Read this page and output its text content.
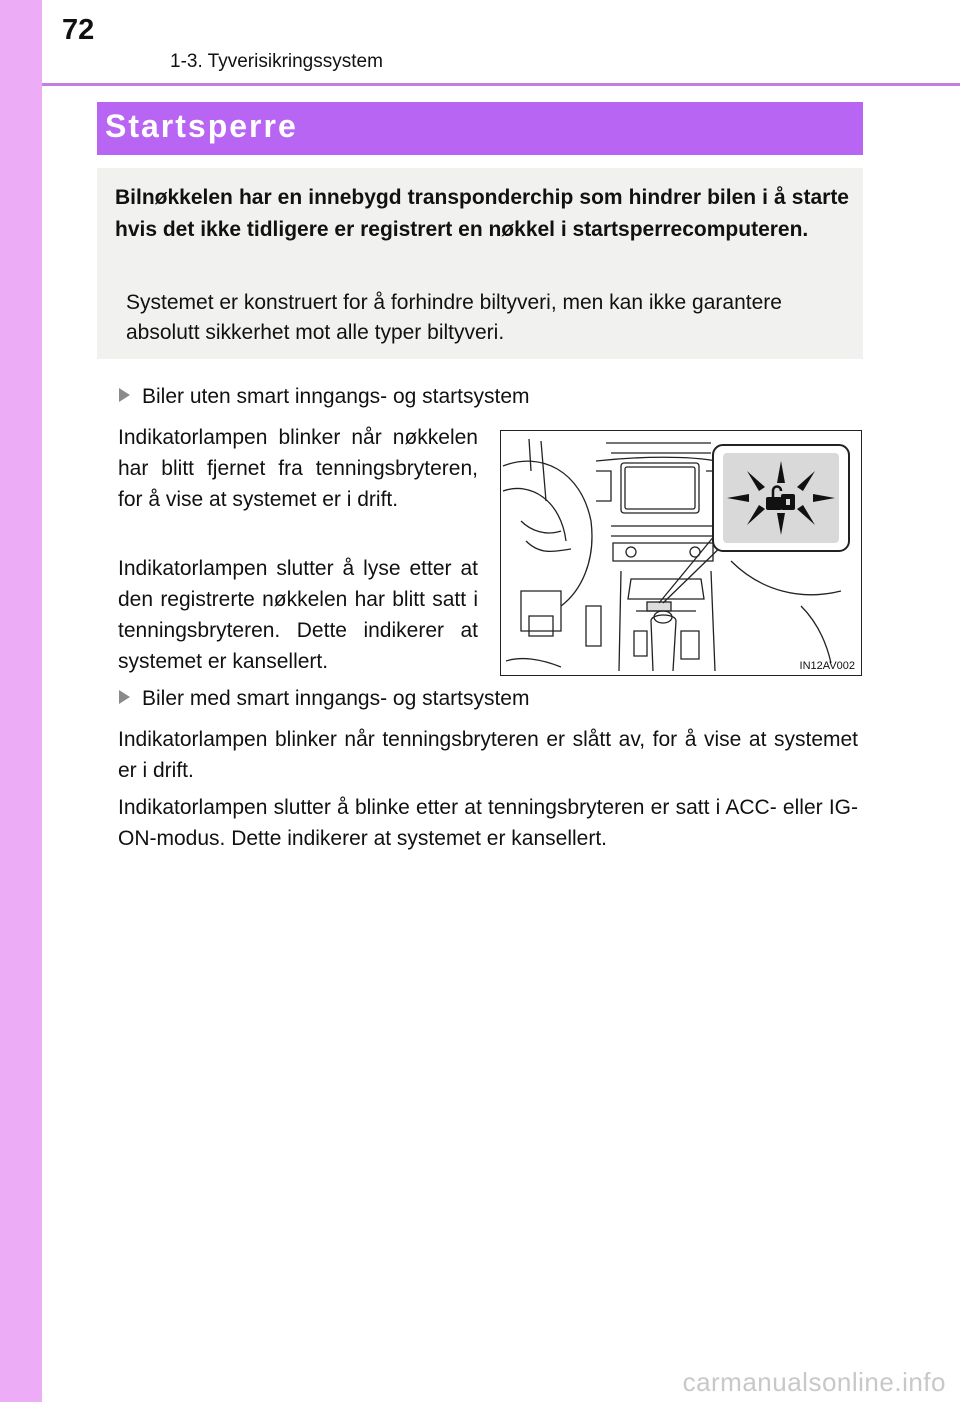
72
1-3. Tyverisikringssystem
Startsperre
Bilnøkkelen har en innebygd transponderchip som hindrer bilen i å starte hvis det ikke tidligere er registrert en nøkkel i startsperrecomputeren.
Systemet er konstruert for å forhindre biltyveri, men kan ikke garantere absolutt sikkerhet mot alle typer biltyveri.
Biler uten smart inngangs- og startsystem
Indikatorlampen blinker når nøkkelen har blitt fjernet fra tenningsbryteren, for å vise at systemet er i drift.
Indikatorlampen slutter å lyse etter at den registrerte nøkkelen har blitt satt i tenningsbryteren. Dette indikerer at systemet er kansellert.	IN12AV002
Biler med smart inngangs- og startsystem
Indikatorlampen blinker når tenningsbryteren er slått av, for å vise at systemet er i drift.
Indikatorlampen slutter å blinke etter at tenningsbryteren er satt i ACC- eller IG-ON-modus. Dette indikerer at systemet er kansellert.
carmanualsonline.info
